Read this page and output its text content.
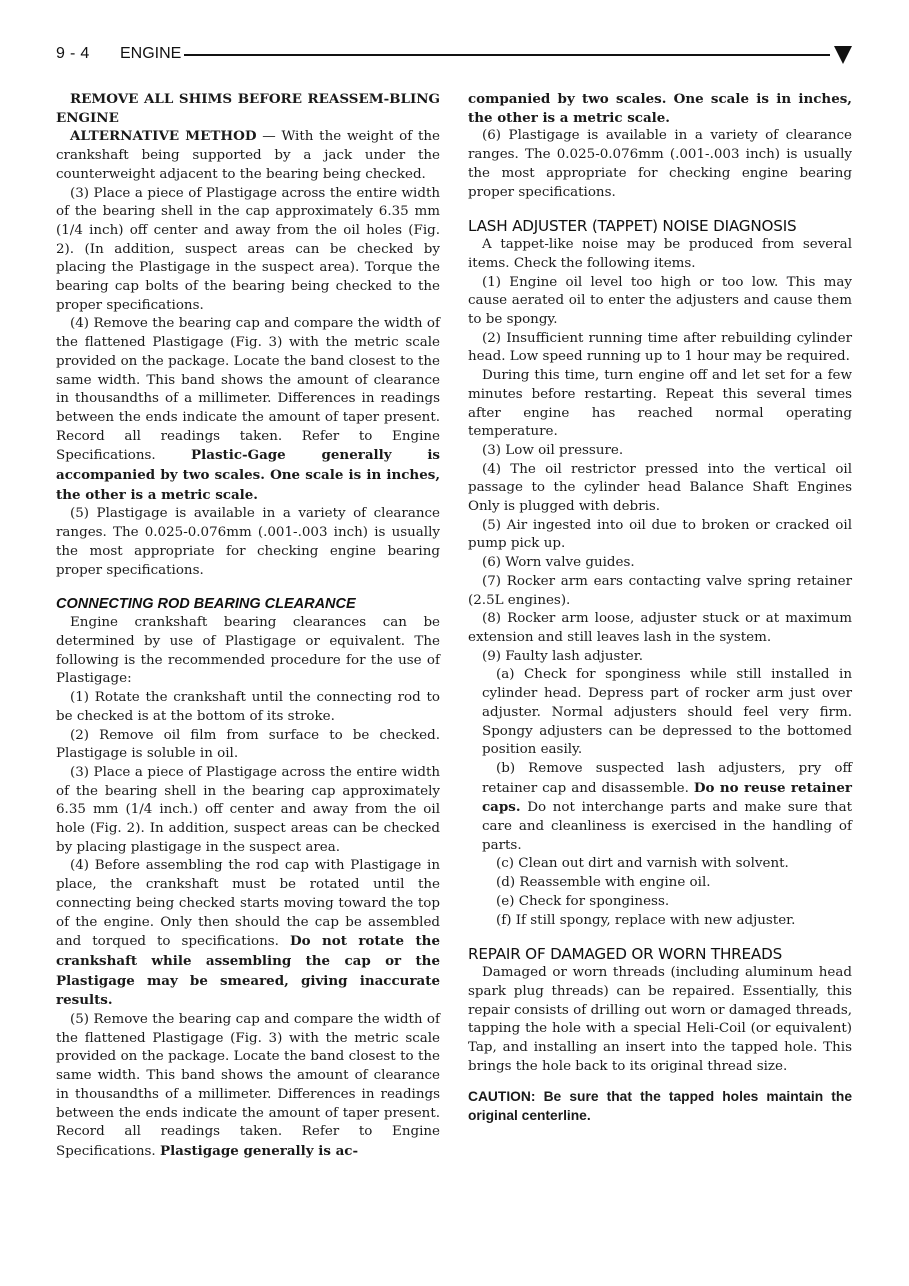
9 - 4 ENGINE

REMOVE ALL SHIMS BEFORE REASSEM-BLING ENGINE

ALTERNATIVE METHOD — With the weight of the crankshaft being supported by a jack under the counterweight adjacent to the bearing being checked.

(3) Place a piece of Plastigage across the entire width of the bearing shell in the cap approximately 6.35 mm (1/4 inch) off center and away from the oil holes (Fig. 2). (In addition, suspect areas can be checked by placing the Plastigage in the suspect area). Torque the bearing cap bolts of the bearing being checked to the proper specifications.

(4) Remove the bearing cap and compare the width of the flattened Plastigage (Fig. 3) with the metric scale provided on the package. Locate the band closest to the same width. This band shows the amount of clearance in thousandths of a millimeter. Differences in readings between the ends indicate the amount of taper present. Record all readings taken. Refer to Engine Specifications. Plastic-Gage generally is accompanied by two scales. One scale is in inches, the other is a metric scale.

(5) Plastigage is available in a variety of clearance ranges. The 0.025-0.076mm (.001-.003 inch) is usually the most appropriate for checking engine bearing proper specifications.

CONNECTING ROD BEARING CLEARANCE

Engine crankshaft bearing clearances can be determined by use of Plastigage or equivalent. The following is the recommended procedure for the use of Plastigage:

(1) Rotate the crankshaft until the connecting rod to be checked is at the bottom of its stroke.

(2) Remove oil film from surface to be checked. Plastigage is soluble in oil.

(3) Place a piece of Plastigage across the entire width of the bearing shell in the bearing cap approximately 6.35 mm (1/4 inch.) off center and away from the oil hole (Fig. 2). In addition, suspect areas can be checked by placing plastigage in the suspect area.

(4) Before assembling the rod cap with Plastigage in place, the crankshaft must be rotated until the connecting being checked starts moving toward the top of the engine. Only then should the cap be assembled and torqued to specifications. Do not rotate the crankshaft while assembling the cap or the Plastigage may be smeared, giving inaccurate results.

(5) Remove the bearing cap and compare the width of the flattened Plastigage (Fig. 3) with the metric scale provided on the package. Locate the band closest to the same width. This band shows the amount of clearance in thousandths of a millimeter. Differences in readings between the ends indicate the amount of taper present. Record all readings taken. Refer to Engine Specifications. Plastigage generally is ac-

companied by two scales. One scale is in inches, the other is a metric scale.

(6) Plastigage is available in a variety of clearance ranges. The 0.025-0.076mm (.001-.003 inch) is usually the most appropriate for checking engine bearing proper specifications.

LASH ADJUSTER (TAPPET) NOISE DIAGNOSIS

A tappet-like noise may be produced from several items. Check the following items.

(1) Engine oil level too high or too low. This may cause aerated oil to enter the adjusters and cause them to be spongy.

(2) Insufficient running time after rebuilding cylinder head. Low speed running up to 1 hour may be required.

During this time, turn engine off and let set for a few minutes before restarting. Repeat this several times after engine has reached normal operating temperature.

(3) Low oil pressure.

(4) The oil restrictor pressed into the vertical oil passage to the cylinder head Balance Shaft Engines Only is plugged with debris.

(5) Air ingested into oil due to broken or cracked oil pump pick up.

(6) Worn valve guides.

(7) Rocker arm ears contacting valve spring retainer (2.5L engines).

(8) Rocker arm loose, adjuster stuck or at maximum extension and still leaves lash in the system.

(9) Faulty lash adjuster.

(a) Check for sponginess while still installed in cylinder head. Depress part of rocker arm just over adjuster. Normal adjusters should feel very firm. Spongy adjusters can be depressed to the bottomed position easily.

(b) Remove suspected lash adjusters, pry off retainer cap and disassemble. Do no reuse retainer caps. Do not interchange parts and make sure that care and cleanliness is exercised in the handling of parts.

(c) Clean out dirt and varnish with solvent.

(d) Reassemble with engine oil.

(e) Check for sponginess.

(f) If still spongy, replace with new adjuster.

REPAIR OF DAMAGED OR WORN THREADS

Damaged or worn threads (including aluminum head spark plug threads) can be repaired. Essentially, this repair consists of drilling out worn or damaged threads, tapping the hole with a special Heli-Coil (or equivalent) Tap, and installing an insert into the tapped hole. This brings the hole back to its original thread size.

CAUTION: Be sure that the tapped holes maintain the original centerline.
